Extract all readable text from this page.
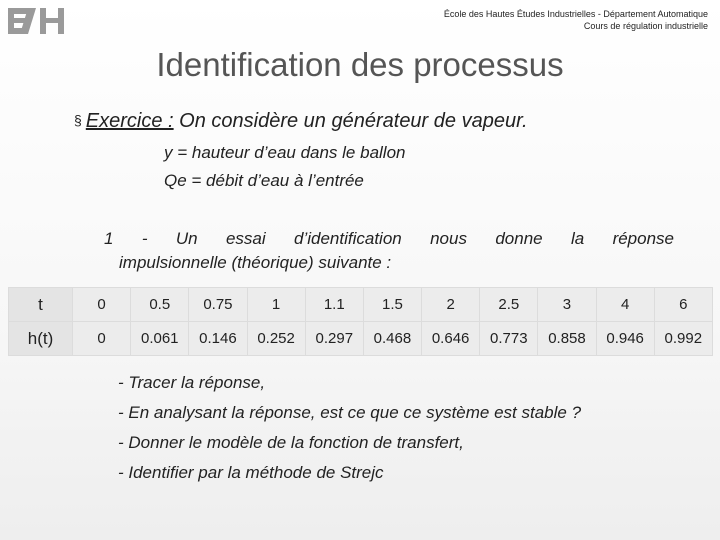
École des Hautes Études Industrielles - Département Automatique
Cours de régulation industrielle
Identification des processus
§ Exercice : On considère un générateur de vapeur.
y = hauteur d’eau dans le ballon
Qe = débit d’eau à l’entrée
1 - Un essai d’identification nous donne la réponse
impulsionnelle (théorique) suivante :
t	0	0.5	0.75	1	1.1	1.5	2	2.5	3	4	6
h(t)	0	0.061	0.146	0.252	0.297	0.468	0.646	0.773	0.858	0.946	0.992
- Tracer la réponse,
- En analysant la réponse, est ce que ce système est stable ?
- Donner le modèle de la fonction de transfert,
- Identifier par la méthode de Strejc
